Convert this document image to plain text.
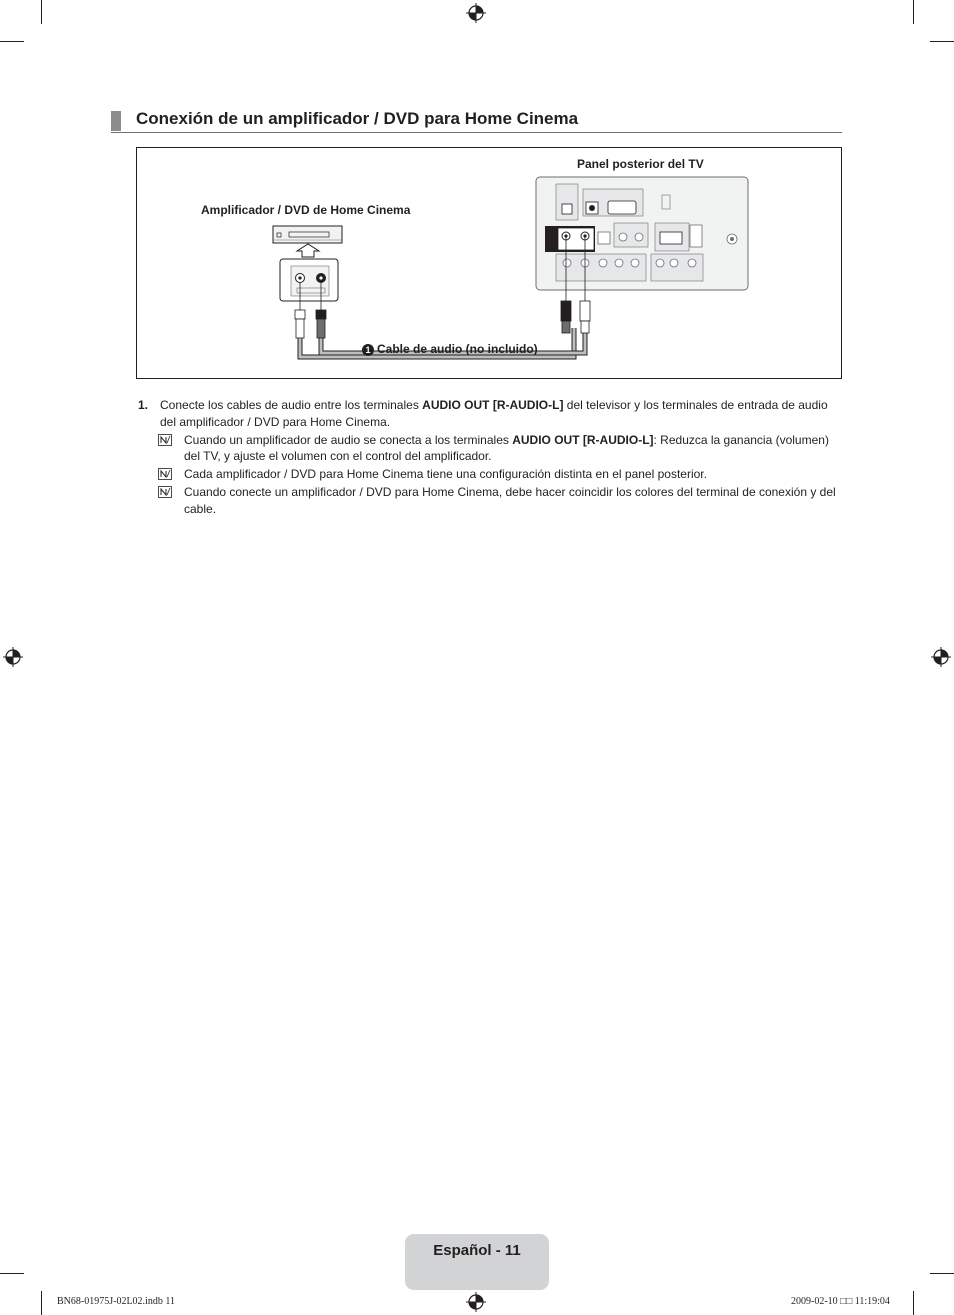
Conexión de un amplificador / DVD para Home Cinema
Panel posterior del TV
Amplificador / DVD de Home Cinema
1 Cable de audio (no incluido)
1. Conecte los cables de audio entre los terminales AUDIO OUT [R-AUDIO-L] del televisor y los terminales de entrada de audio del amplificador / DVD para Home Cinema.
Cuando un amplificador de audio se conecta a los terminales AUDIO OUT [R-AUDIO-L]: Reduzca la ganancia (volumen) del TV, y ajuste el volumen con el control del amplificador.
Cada amplificador / DVD para Home Cinema tiene una configuración distinta en el panel posterior.
Cuando conecte un amplificador / DVD para Home Cinema, debe hacer coincidir los colores del terminal de conexión y del cable.
Español - 11
BN68-01975J-02L02.indb 11	2009-02-10 □□ 11:19:04
